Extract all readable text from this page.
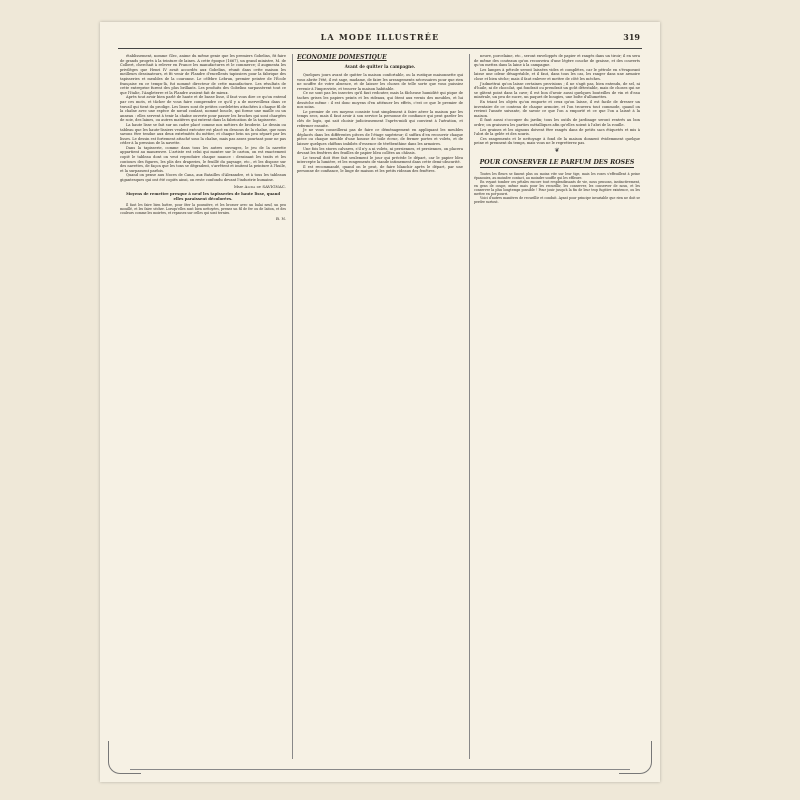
LA MODE ILLUSTRÉE	319

établissement, nomme Glec, anime du même genie que les premiers Gobelins, fit faire de grands progrès à la teinture de laines. A cette époque (1667), un grand ministre, M. de Colbert, cherchait à relever en France les manufactures et le commerce; il augmenta les privilèges que Henri IV avait accordés aux Gobelins, réunit dans cette maison les meilleurs dessinateurs, et fit venir de Flandre d'excellents tapissiers pour la fabrique des tapisseries et meubles de la couronne. Le célèbre Lebrun, premier peintre de l'École française en ce temps-là, fut nommé directeur de cette manufacture. Les résultats de cette entreprise furent des plus brillants. Les produits des Gobelins surpassèrent tout ce que l'Italie, l'Angleterre et la Flandre avaient fait de mieux.

Après tout avoir bien parlé de haute et de basse lisse, il faut vous dire ce qu'on entend par ces mots, et tâcher de vous faire comprendre ce qu'il y a de merveilleux dans ce travail qui tient du prodige. Les lisses sont de petites cordelettes attachées à chaque fil de la chaîne avec une espèce de nœud coulant, nommé boucle, qui forme une maille ou un anneau : elles servent à tenir la chaîne ouverte pour passer les broches qui sont chargées de soie, des laines, ou autres matières qui entrent dans la fabrication de la tapisserie.

La haute lisse se fait sur un cadre placé comme nos métiers de broderie. Le dessin ou tableau que les haute-lissiers veulent exécuter est placé en dessous de la chaîne, que nous savons être tendue aux deux extrémités du métier, et chaque brin un peu séparé par les lisses. Le dessin est fortement attaché sous la chaîne, mais pas assez pourtant pour ne pas céder à la pression de la navette.

Dans la tapisserie, comme dans tous les autres ouvrages, le jeu de la navette appartient au manœuvre. L'artiste est celui qui montre sur le carton, on est exactement copié le tableau dont on veut reproduire chaque nuance : dessinant les traits et les contours des figures, les plis des draperies, le feuillé du paysage, etc., et les dispose sur des navettes, de façon que les tons se dégradent, s'arrêtent et imitent la peinture à l'huile, et la surpassent parfois.

Quand on pense aux Noces de Cana, aux Batailles d'Alexandre, et à tous les tableaux gigantesques qui ont été copiés ainsi, on reste confondu devant l'industrie humaine.

Mme Alida de SAVIGNAC.
Moyens de remettre presque à neuf les tapisseries de haute lisse, quand elles paraissent décolorées.

Il faut les faire bien battre, pour ôter la poussière, et les brosser avec un balai neuf, un peu mouillé, et les faire sécher. Lorsqu'elles sont bien nettoyées, prenez un fil de fer ou de laiton, et des couleurs comme les moirées, et repassez sur celles qui sont ternies.

B. N.
ÉCONOMIE DOMESTIQUE
Avant de quitter la campagne.

Quelques jours avant de quitter la maison confortable, ou la rustique maisonnette qui vous abrite l'été, il est sage, madame, de faire les arrangements nécessaires pour que rien ne souffre de votre absence, et de laisser les choses de telle sorte que vous puissiez revenir à l'improviste, et trouver la maison habitable.

Ce ne sont pas les insectes qu'il faut redouter, mais la fâcheuse humidité qui pique de taches grises les papiers peints et les rideaux, qui ôtent aux vernis des meubles, et lui dessèche même : il est donc moyens d'en atténuer les effets, c'est ce que le premier de nos soins.

Le premier de ces moyens consiste tout simplement à faire aérer la maison par les temps secs, mais il faut avoir à son service la personne de confiance qui peut garder les clés de logis, qui sait choisir judicieusement l'après-midi qui convient à l'aération, et refermer ensuite.

Je ne vous conseillerai pas de faire ce déménagement en appliquant les meubles déplacés dans les différentes pièces de l'étage supérieur; il suffira d'en recouvrir chaque pièce ou chaque meuble d'une housse de toile écrue, de fermer portes et volets, et de laisser quelques chiffons imbibés d'essence de térébenthine dans les armoires.

Une fois les stores calvares, s'il n'y a ni volets, ni persiennes, et persiennes, on placera devant les fenêtres des feuilles de papier bleu collées au châssis.

Le travail doit être fait seulement le jour qui précède le départ, car le papier bleu intercepte la lumière, et les rongements de viande intimement dans cette demi-obscurité.

Il est recommandé, quand on le peut, de faire blanchir après le départ, par une personne de confiance, le linge de maison et les petits rideaux des fenêtres.

neuve, porcelaine, etc., seront enveloppés de papier et rangés dans un tiroir; il en sera de même des couteaux qu'on recouvrira d'une légère couche de graisse, et des couverts qu'on mettra dans la laine à la campagne.

Les lampes à pétrole seront laissées vides et complètes, car le pétrole en s'évaporant laisse une odeur désagréable, et il faut, dans tous les cas, les ranger dans une armoire close et bien sèche; mais il faut enlever et mettre de côté les mèches.

J'admettrai qu'on laisse certaines provisions ; il ne s'agit pas, bien entendu, de sel, ni d'huile, ni de chocolat, qui fondrait ou prendrait un goût détestable, mais de choses qui ne se gâtent point dans la cave; il est bon d'avoir aussi quelques bouteilles de vin et d'eau minérale, un peu de sucre, un paquet de bougies, une boîte d'allumettes.

En triant les objets qu'on emporte et ceux qu'on laisse, il est facile de dresser un inventaire de ce contenu de chaque armoire, et l'on trouvera tout commode, quand on revient l'année suivante, de savoir ce que l'on a emporté et ce que l'on a laissé à la maison.

Il faut aussi s'occuper du jardin; tous les outils de jardinage seront rentrés au bon ordre; on graissera les parties métalliques afin qu'elles soient à l'abri de la rouille.

Les graines et les oignons doivent être rangés dans de petits sacs étiquetés et mis à l'abri de la gelée et des souris.

Ces rangements et le nettoyage à fond de la maison donnent évidemment quelque peine et prennent du temps, mais vous ne le regretterez pas.

❦
POUR CONSERVER LE PARFUM DES ROSES

Toutes les fleurs se fanent plus ou moins vite sur leur tige, mais les roses s'effeuillent à peine épanouies, au moindre contact, au moindre souffle qui les effleure.

En voyant tomber ces pétales encore tout resplendissants de vie, nous pensons, instinctivement, en gens de coupe, même mais pour les recueillir, les conserver, les conserver de nous, et les conserver la plus longtemps possible ! Pour jouir jusqu'à la fin de leur trop fugitive existence, ou les mettre en pot-pourri.

Voici d'autres manières de recueillir et conduit. Ayant pour principe invariable que rien ne doit se perdre surtout.
